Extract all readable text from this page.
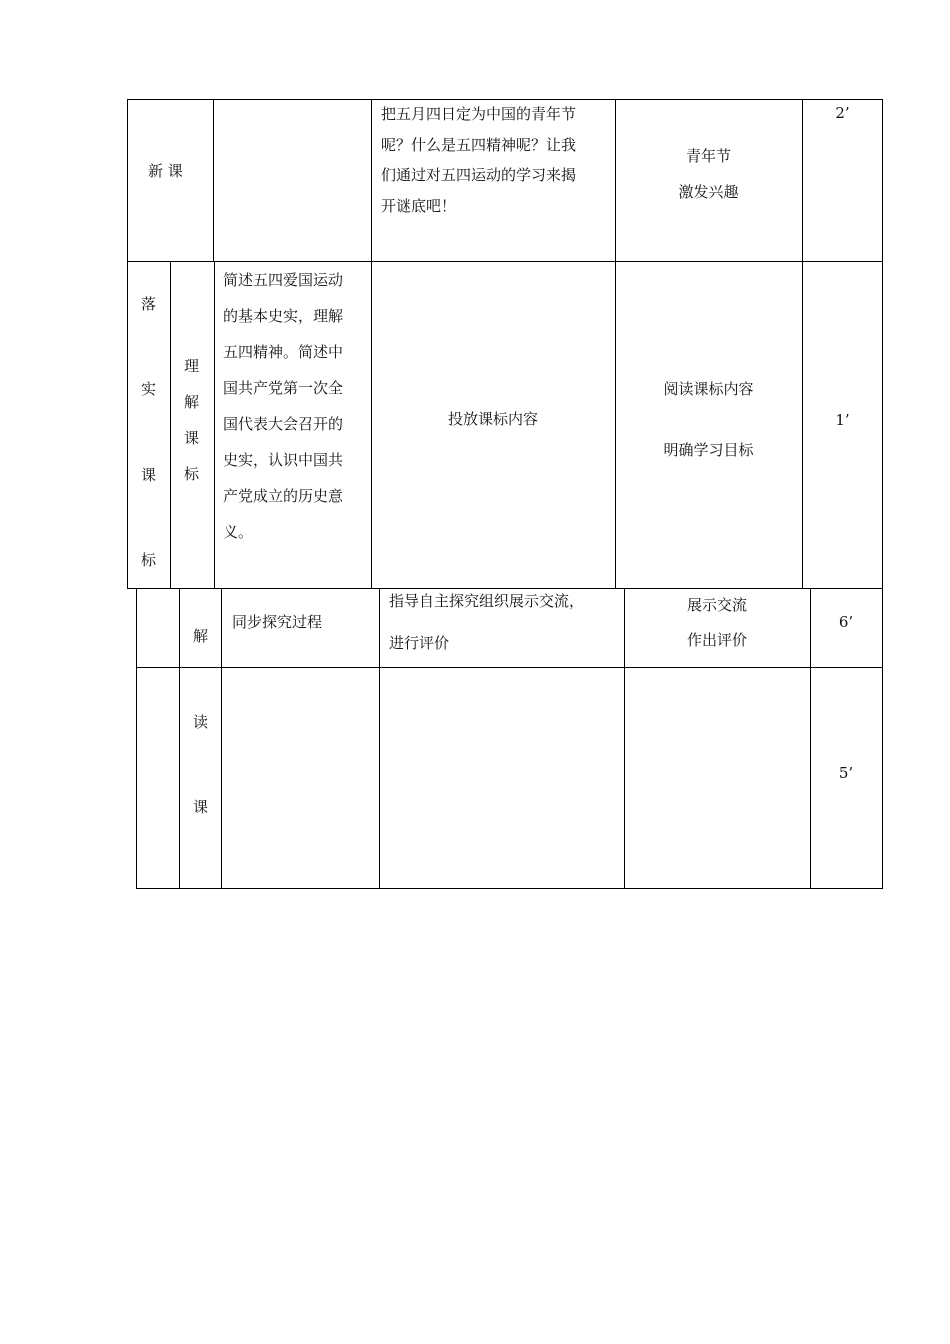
新 课
把五月四日定为中国的青年节
呢？什么是五四精神呢？让我
们通过对五四运动的学习来揭
开谜底吧！
青年节
激发兴趣
2’
落
实
课
标
理
解
课
标
简述五四爱国运动
的基本史实，理解
五四精神。简述中
国共产党第一次全
国代表大会召开的
史实，认识中国共
产党成立的历史意
义。
投放课标内容
阅读课标内容
明确学习目标
1’
解
读
课
同步探究过程
指导自主探究组织展示交流，
进行评价
展示交流
作出评价
6’
5’
